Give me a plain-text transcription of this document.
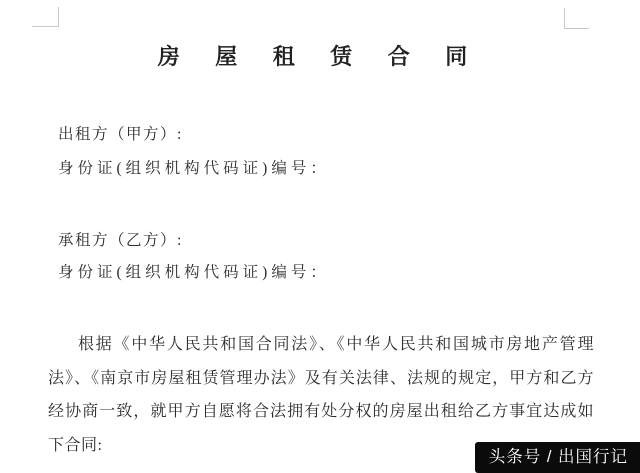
房 屋 租 赁 合 同
出租方（甲方）:
身份证(组织机构代码证)编号：
承租方（乙方）:
身份证(组织机构代码证)编号：
根据《中华人民共和国合同法》、《中华人民共和国城市房地产管理
法》、《南京市房屋租赁管理办法》及有关法律、法规的规定，甲方和乙方
经协商一致，就甲方自愿将合法拥有处分权的房屋出租给乙方事宜达成如
下合同:
头条号 / 出国行记
